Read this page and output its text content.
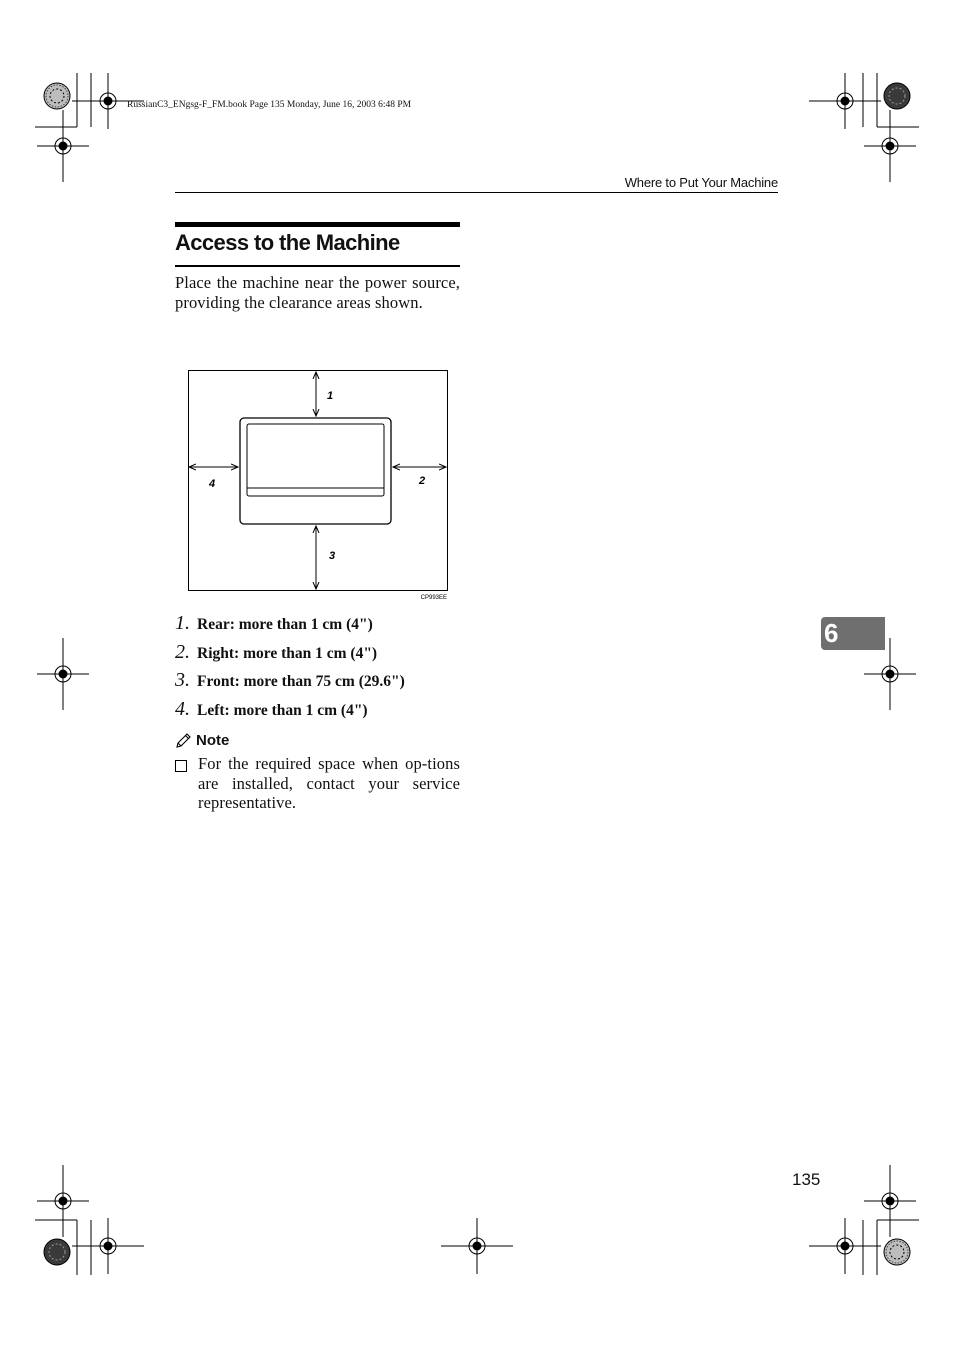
RussianC3_ENgsg-F_FM.book Page 135 Monday, June 16, 2003 6:48 PM
Where to Put Your Machine
Access to the Machine
Place the machine near the power source, providing the clearance areas shown.
1
2
3
4
CP993EE
1. Rear: more than 1 cm (4")
2. Right: more than 1 cm (4")
3. Front: more than 75 cm (29.6")
4. Left: more than 1 cm (4")
Note
For the required space when op-tions are installed, contact your service representative.
6
135
